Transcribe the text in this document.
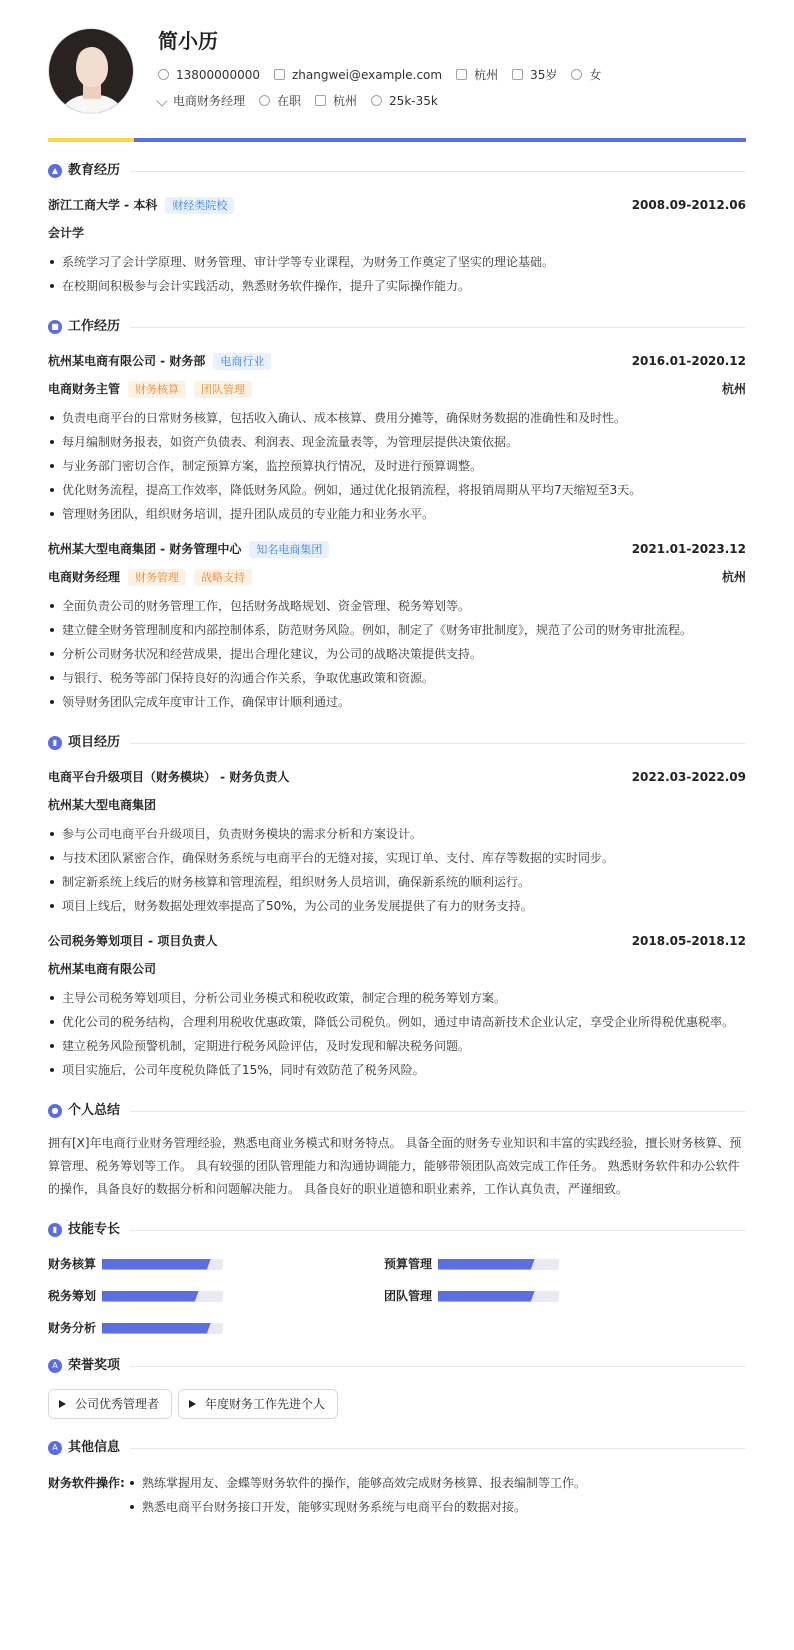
简小历
13800000000	zhangwei@example.com	杭州	35岁	女
电商财务经理	在职	杭州	25k-35k
▲ 教育经历
浙江工商大学 - 本科	财经类院校	2008.09-2012.06
会计学
系统学习了会计学原理、财务管理、审计学等专业课程，为财务工作奠定了坚实的理论基础。
在校期间积极参与会计实践活动，熟悉财务软件操作，提升了实际操作能力。
■ 工作经历
杭州某电商有限公司 - 财务部	电商行业	2016.01-2020.12
电商财务主管	财务核算	团队管理	杭州
负责电商平台的日常财务核算，包括收入确认、成本核算、费用分摊等，确保财务数据的准确性和及时性。
每月编制财务报表，如资产负债表、利润表、现金流量表等，为管理层提供决策依据。
与业务部门密切合作，制定预算方案，监控预算执行情况，及时进行预算调整。
优化财务流程，提高工作效率，降低财务风险。例如，通过优化报销流程，将报销周期从平均7天缩短至3天。
管理财务团队，组织财务培训，提升团队成员的专业能力和业务水平。
杭州某大型电商集团 - 财务管理中心	知名电商集团	2021.01-2023.12
电商财务经理	财务管理	战略支持	杭州
全面负责公司的财务管理工作，包括财务战略规划、资金管理、税务筹划等。
建立健全财务管理制度和内部控制体系，防范财务风险。例如，制定了《财务审批制度》，规范了公司的财务审批流程。
分析公司财务状况和经营成果，提出合理化建议，为公司的战略决策提供支持。
与银行、税务等部门保持良好的沟通合作关系，争取优惠政策和资源。
领导财务团队完成年度审计工作，确保审计顺利通过。
▮ 项目经历
电商平台升级项目（财务模块） - 财务负责人	2022.03-2022.09
杭州某大型电商集团
参与公司电商平台升级项目，负责财务模块的需求分析和方案设计。
与技术团队紧密合作，确保财务系统与电商平台的无缝对接，实现订单、支付、库存等数据的实时同步。
制定新系统上线后的财务核算和管理流程，组织财务人员培训，确保新系统的顺利运行。
项目上线后，财务数据处理效率提高了50%，为公司的业务发展提供了有力的财务支持。
公司税务筹划项目 - 项目负责人	2018.05-2018.12
杭州某电商有限公司
主导公司税务筹划项目，分析公司业务模式和税收政策，制定合理的税务筹划方案。
优化公司的税务结构，合理利用税收优惠政策，降低公司税负。例如，通过申请高新技术企业认定，享受企业所得税优惠税率。
建立税务风险预警机制，定期进行税务风险评估，及时发现和解决税务问题。
项目实施后，公司年度税负降低了15%，同时有效防范了税务风险。
● 个人总结

拥有[X]年电商行业财务管理经验，熟悉电商业务模式和财务特点。 具备全面的财务专业知识和丰富的实践经验，擅长财务核算、预算管理、税务筹划等工作。 具有较强的团队管理能力和沟通协调能力，能够带领团队高效完成工作任务。 熟悉财务软件和办公软件的操作，具备良好的数据分析和问题解决能力。 具备良好的职业道德和职业素养，工作认真负责，严谨细致。

▮ 技能专长
财务核算	预算管理
税务筹划	团队管理
财务分析
A 荣誉奖项
公司优秀管理者	年度财务工作先进个人
A 其他信息
财务软件操作:	熟练掌握用友、金蝶等财务软件的操作，能够高效完成财务核算、报表编制等工作。
熟悉电商平台财务接口开发，能够实现财务系统与电商平台的数据对接。
